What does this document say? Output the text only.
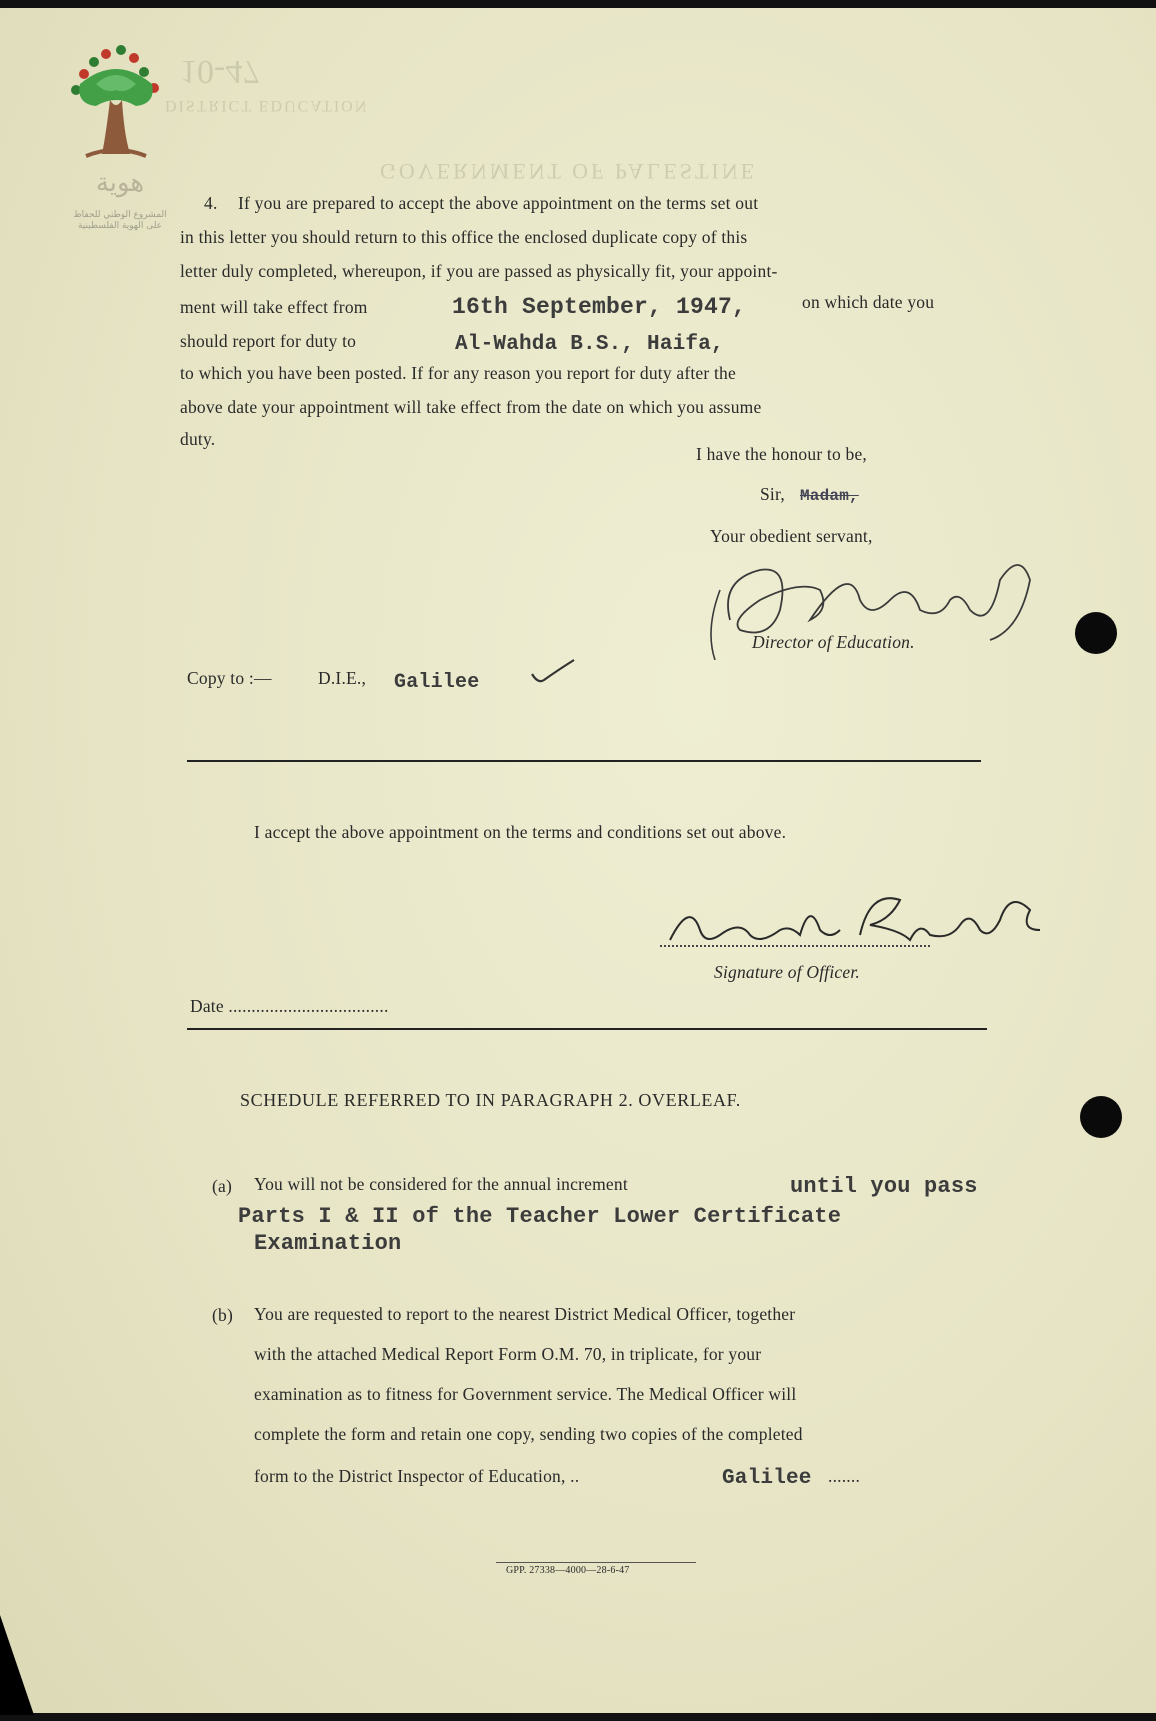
GOVERNMENT OF PALESTINE
DISTRICT EDUCATION
10-47
هوية
المشروع الوطني للحفاظ على الهوية الفلسطينية
4. If you are prepared to accept the above appointment on the terms set out
in this letter you should return to this office the enclosed duplicate copy of this
letter duly completed, whereupon, if you are passed as physically fit, your appoint-
ment will take effect from	16th September, 1947,	on which date you
should report for duty to	Al-Wahda B.S., Haifa,
to which you have been posted. If for any reason you report for duty after the
above date your appointment will take effect from the date on which you assume
duty.
I have the honour to be,
Sir, Madam,
Your obedient servant,
Director of Education.
Copy to :—	D.I.E., Galilee
I accept the above appointment on the terms and conditions set out above.
Signature of Officer.
Date ...................................
SCHEDULE REFERRED TO IN PARAGRAPH 2. OVERLEAF.
(a) You will not be considered for the annual increment	until you pass
Parts I & II of the Teacher Lower Certificate
Examination
(b) You are requested to report to the nearest District Medical Officer, together
with the attached Medical Report Form O.M. 70, in triplicate, for your
examination as to fitness for Government service. The Medical Officer will
complete the form and retain one copy, sending two copies of the completed
form to the District Inspector of Education, ..	Galilee .......
GPP. 27338—4000—28-6-47
